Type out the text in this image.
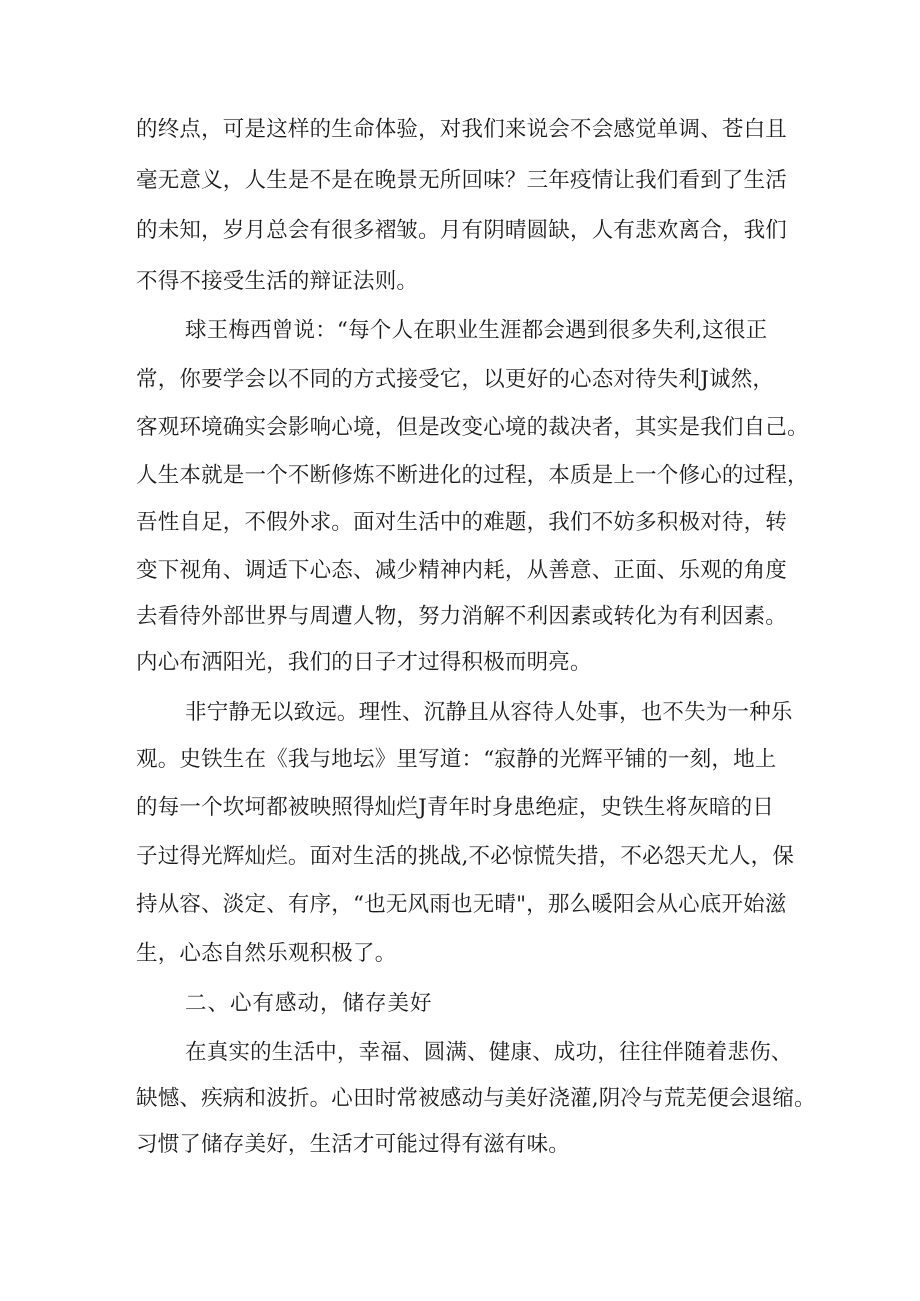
的终点，可是这样的生命体验，对我们来说会不会感觉单调、苍白且
毫无意义，人生是不是在晚景无所回味？三年疫情让我们看到了生活
的未知，岁月总会有很多褶皱。月有阴晴圆缺，人有悲欢离合，我们
不得不接受生活的辩证法则。
球王梅西曾说：“每个人在职业生涯都会遇到很多失利,这很正
常，你要学会以不同的方式接受它，以更好的心态对待失利J诚然，
客观环境确实会影响心境，但是改变心境的裁决者，其实是我们自己。
人生本就是一个不断修炼不断进化的过程，本质是上一个修心的过程，
吾性自足，不假外求。面对生活中的难题，我们不妨多积极对待，转
变下视角、调适下心态、减少精神内耗，从善意、正面、乐观的角度
去看待外部世界与周遭人物，努力消解不利因素或转化为有利因素。
内心布洒阳光，我们的日子才过得积极而明亮。
非宁静无以致远。理性、沉静且从容待人处事，也不失为一种乐
观。史铁生在《我与地坛》里写道：“寂静的光辉平铺的一刻，地上
的每一个坎坷都被映照得灿烂J青年时身患绝症，史铁生将灰暗的日
子过得光辉灿烂。面对生活的挑战,不必惊慌失措，不必怨天尤人，保
持从容、淡定、有序，“也无风雨也无晴"，那么暖阳会从心底开始滋
生，心态自然乐观积极了。
二、心有感动，储存美好
在真实的生活中，幸福、圆满、健康、成功，往往伴随着悲伤、
缺憾、疾病和波折。心田时常被感动与美好浇灌,阴冷与荒芜便会退缩。
习惯了储存美好，生活才可能过得有滋有味。
